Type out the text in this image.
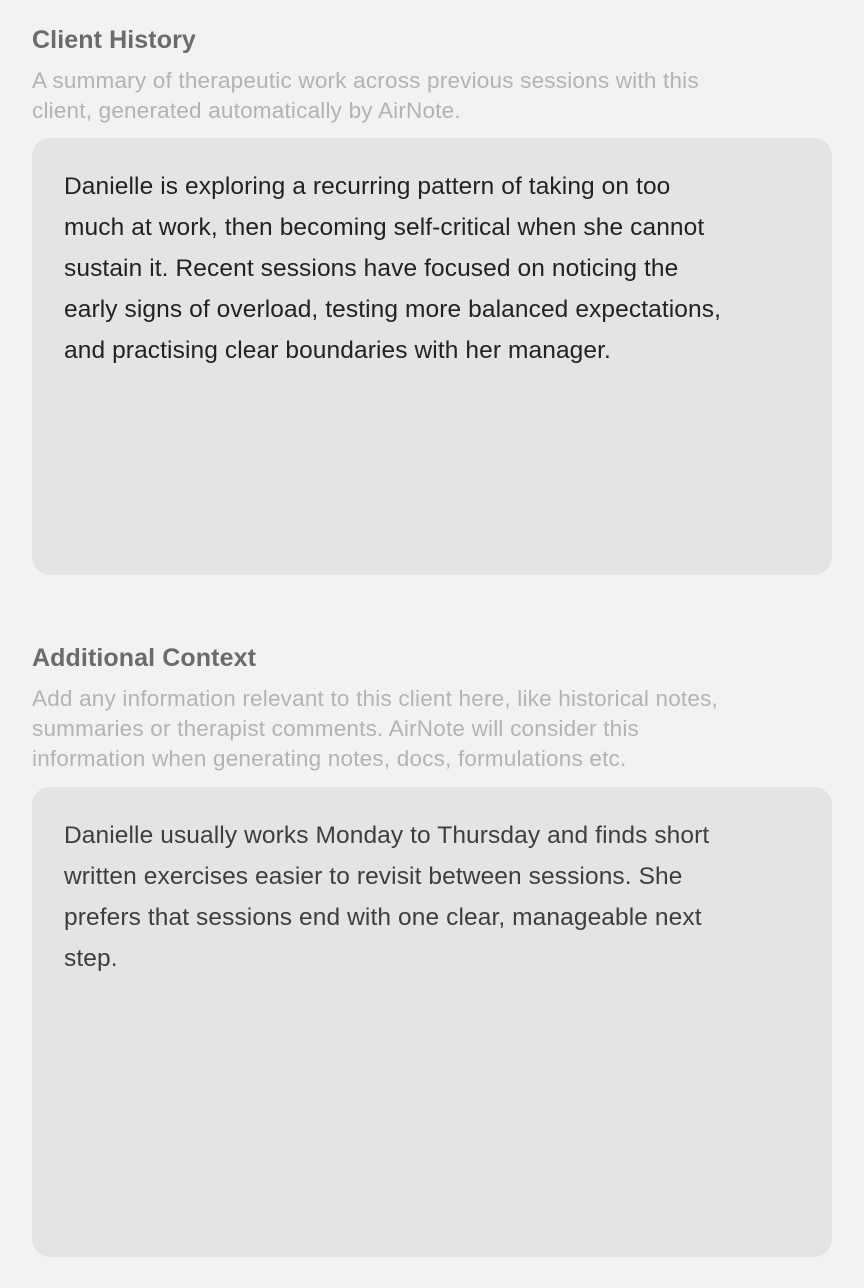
Client History

A summary of therapeutic work across previous sessions with this
client, generated automatically by AirNote.

Danielle is exploring a recurring pattern of taking on too
much at work, then becoming self-critical when she cannot
sustain it. Recent sessions have focused on noticing the
early signs of overload, testing more balanced expectations,
and practising clear boundaries with her manager.

Additional Context

Add any information relevant to this client here, like historical notes,
summaries or therapist comments. AirNote will consider this
information when generating notes, docs, formulations etc.

Danielle usually works Monday to Thursday and finds short
written exercises easier to revisit between sessions. She
prefers that sessions end with one clear, manageable next
step.
